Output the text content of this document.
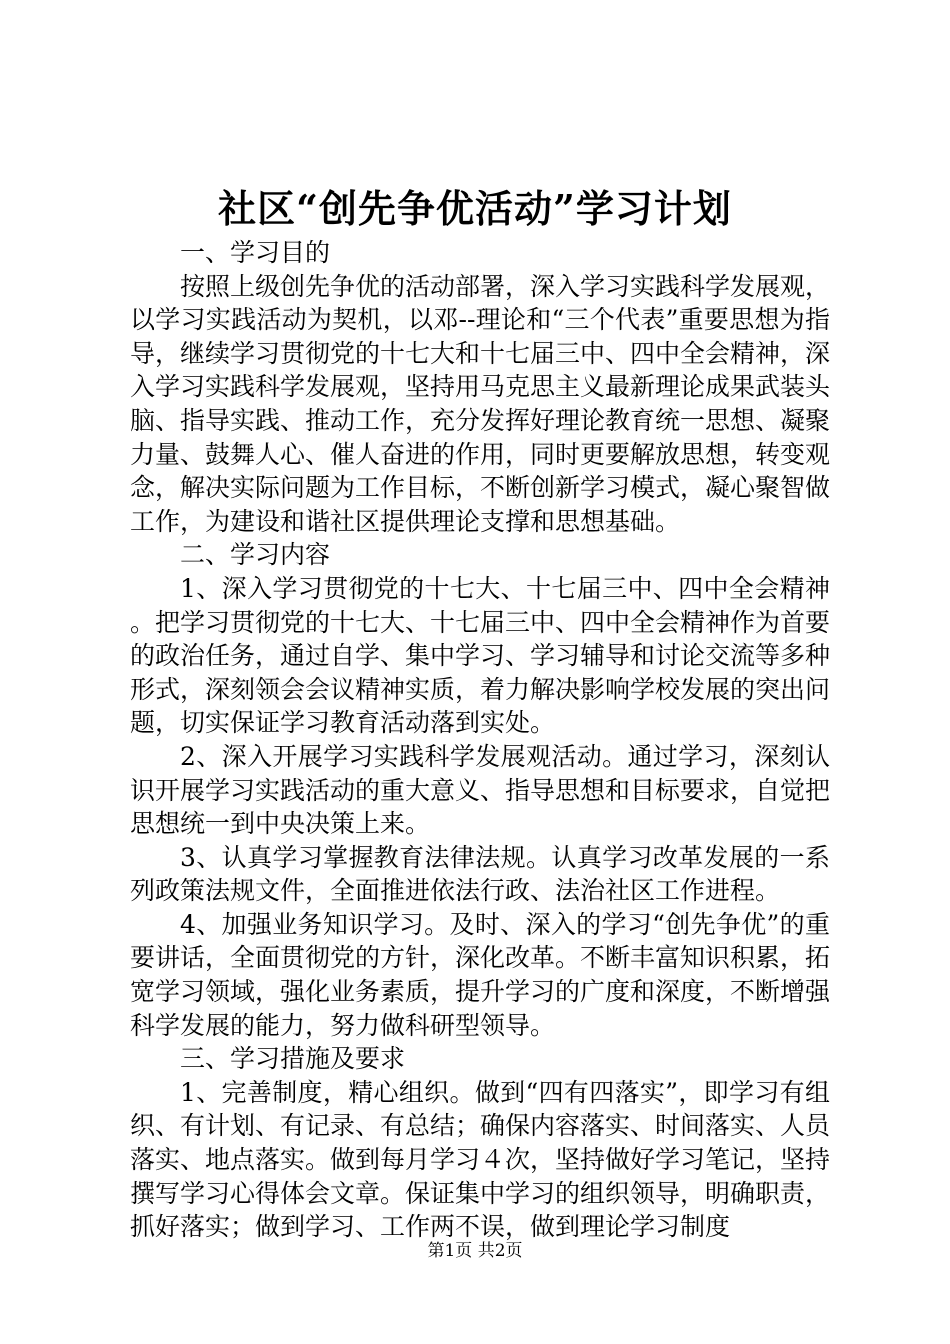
社区“创先争优活动”学习计划

一、学习目的

按照上级创先争优的活动部署，深入学习实践科学发展观，以学习实践活动为契机，以邓--理论和“三个代表”重要思想为指导，继续学习贯彻党的十七大和十七届三中、四中全会精神，深入学习实践科学发展观，坚持用马克思主义最新理论成果武装头脑、指导实践、推动工作，充分发挥好理论教育统一思想、凝聚力量、鼓舞人心、催人奋进的作用，同时更要解放思想，转变观念，解决实际问题为工作目标，不断创新学习模式，凝心聚智做工作，为建设和谐社区提供理论支撑和思想基础。

二、学习内容

1、深入学习贯彻党的十七大、十七届三中、四中全会精神。把学习贯彻党的十七大、十七届三中、四中全会精神作为首要的政治任务，通过自学、集中学习、学习辅导和讨论交流等多种形式，深刻领会会议精神实质，着力解决影响学校发展的突出问题，切实保证学习教育活动落到实处。

2、深入开展学习实践科学发展观活动。通过学习，深刻认识开展学习实践活动的重大意义、指导思想和目标要求，自觉把思想统一到中央决策上来。

3、认真学习掌握教育法律法规。认真学习改革发展的一系列政策法规文件，全面推进依法行政、法治社区工作进程。

4、加强业务知识学习。及时、深入的学习“创先争优”的重要讲话，全面贯彻党的方针，深化改革。不断丰富知识积累，拓宽学习领域，强化业务素质，提升学习的广度和深度，不断增强科学发展的能力，努力做科研型领导。

三、学习措施及要求

1、完善制度，精心组织。做到“四有四落实”，即学习有组织、有计划、有记录、有总结；确保内容落实、时间落实、人员落实、地点落实。做到每月学习４次，坚持做好学习笔记，坚持撰写学习心得体会文章。保证集中学习的组织领导，明确职责，抓好落实；做到学习、工作两不误，做到理论学习制度

第1页 共2页
